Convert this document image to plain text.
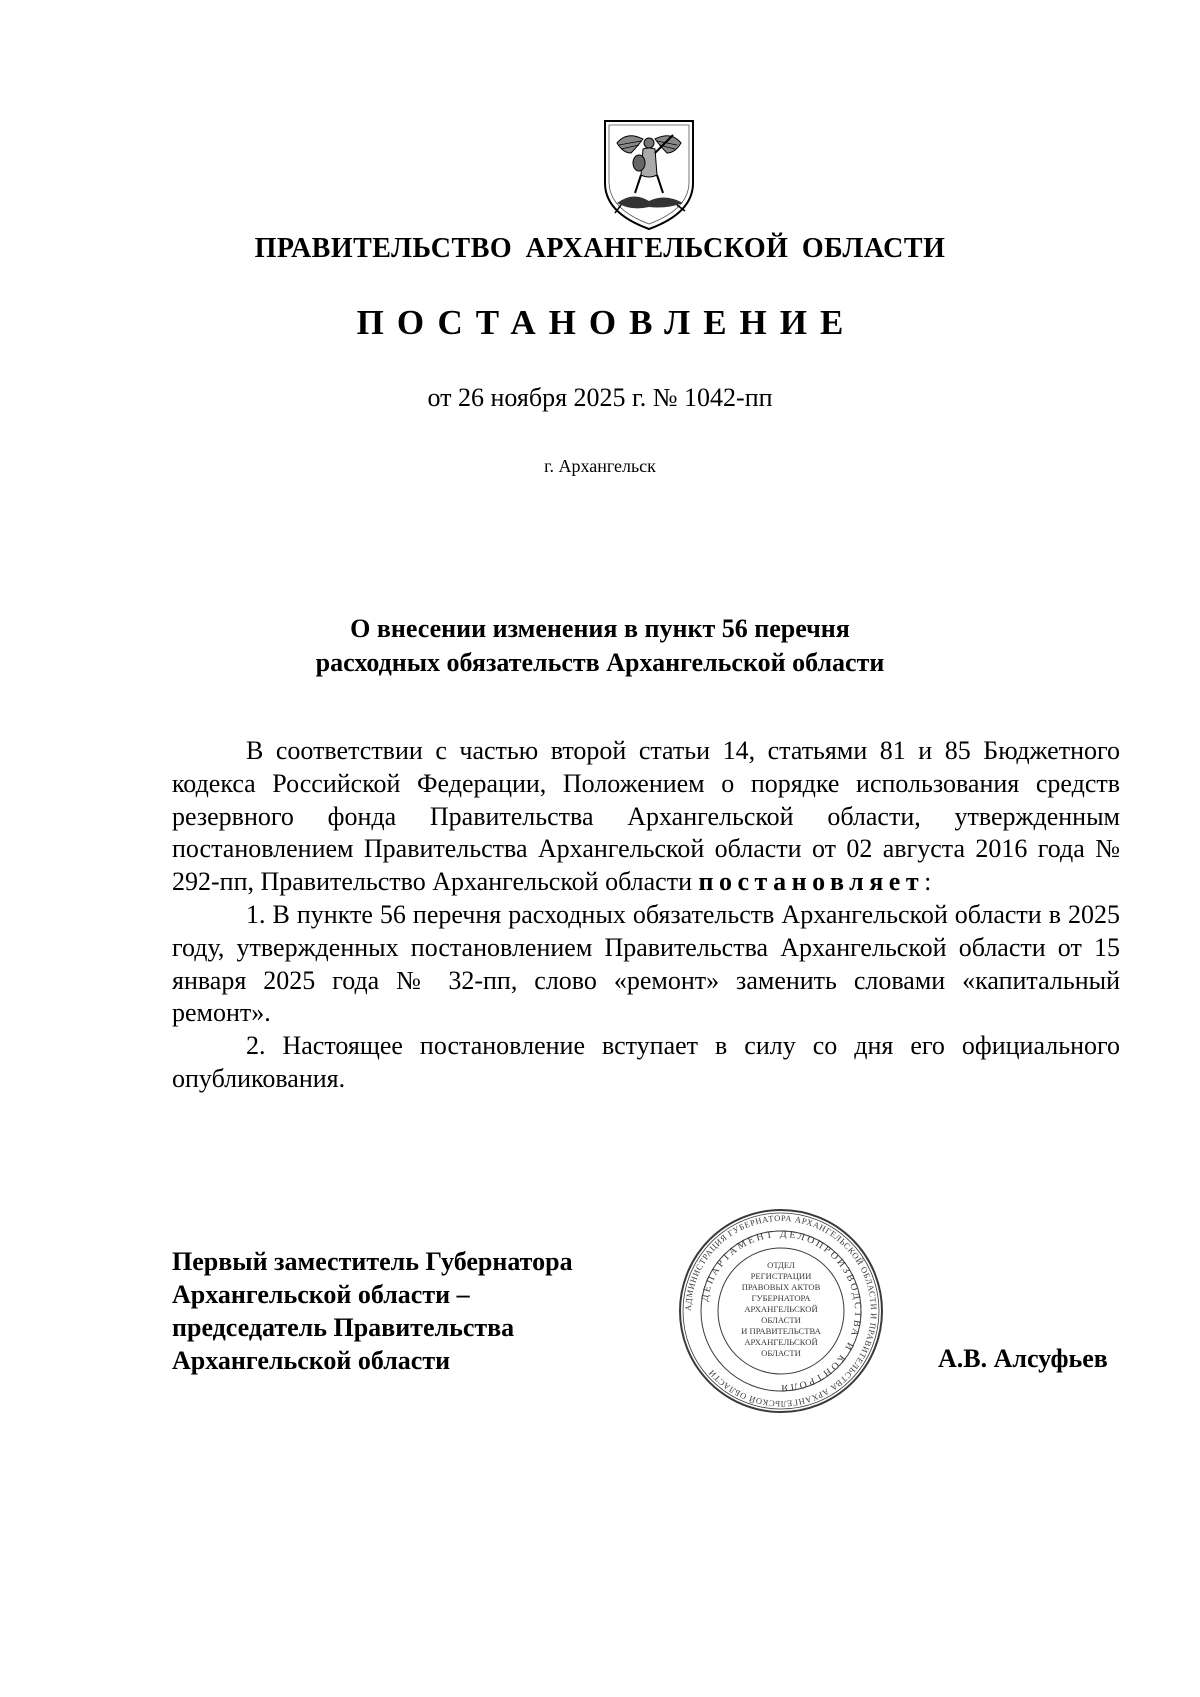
ПРАВИТЕЛЬСТВО АРХАНГЕЛЬСКОЙ ОБЛАСТИ
ПОСТАНОВЛЕНИЕ
от 26 ноября 2025 г. № 1042-пп
г. Архангельск
О внесении изменения в пункт 56 перечня
расходных обязательств Архангельской области

В соответствии с частью второй статьи 14, статьями 81 и 85 Бюджетного кодекса Российской Федерации, Положением о порядке использования средств резервного фонда Правительства Архангельской области, утвержденным постановлением Правительства Архангельской области от 02 августа 2016 года № 292-пп, Правительство Архангельской области постановляет:

1. В пункте 56 перечня расходных обязательств Архангельской области в 2025 году, утвержденных постановлением Правительства Архангельской области от 15 января 2025 года № 32-пп, слово «ремонт» заменить словами «капитальный ремонт».

2. Настоящее постановление вступает в силу со дня его официального опубликования.

Первый заместитель Губернатора
Архангельской области –
председатель Правительства
Архангельской области
АДМИНИСТРАЦИЯ ГУБЕРНАТОРА АРХАНГЕЛЬСКОЙ ОБЛАСТИ И ПРАВИТЕЛЬСТВА АРХАНГЕЛЬСКОЙ ОБЛАСТИ
ДЕПАРТАМЕНТ ДЕЛОПРОИЗВОДСТВА И КОНТРОЛЯ
ОТДЕЛ
РЕГИСТРАЦИИ
ПРАВОВЫХ АКТОВ
ГУБЕРНАТОРА
АРХАНГЕЛЬСКОЙ
ОБЛАСТИ
И ПРАВИТЕЛЬСТВА
АРХАНГЕЛЬСКОЙ
ОБЛАСТИ	А.В. Алсуфьев
